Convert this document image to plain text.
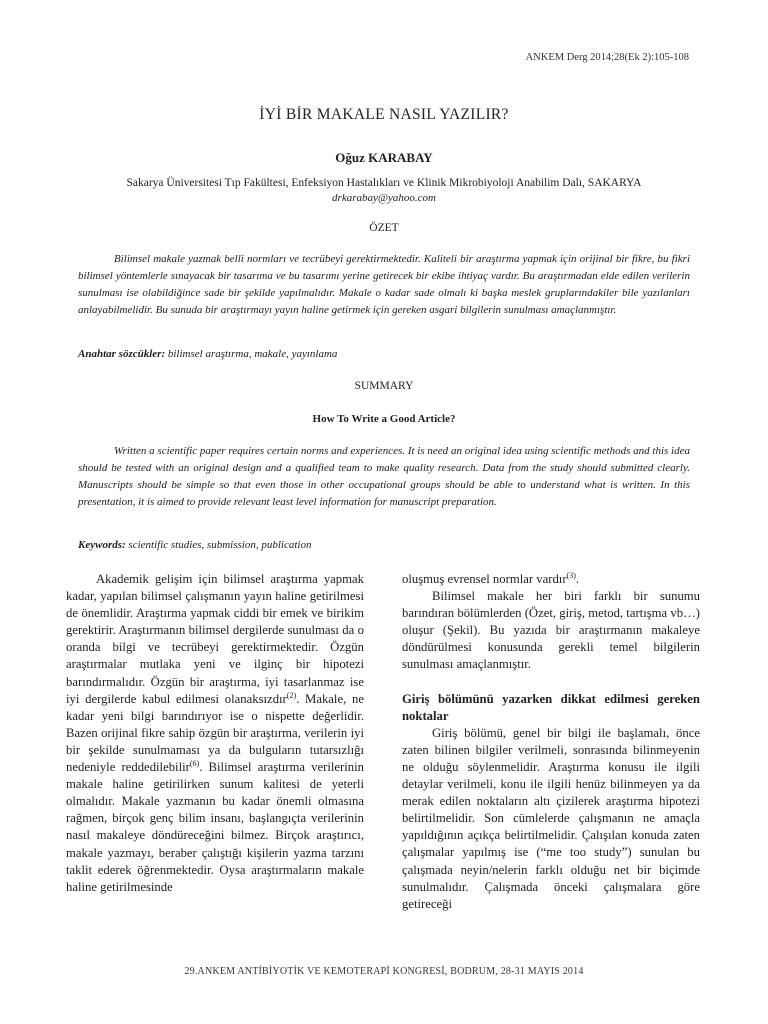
ANKEM Derg 2014;28(Ek 2):105-108
İYİ BİR MAKALE NASIL YAZILIR?
Oğuz KARABAY
Sakarya Üniversitesi Tıp Fakültesi, Enfeksiyon Hastalıkları ve Klinik Mikrobiyoloji Anabilim Dalı, SAKARYA
drkarabay@yahoo.com
ÖZET

Bilimsel makale yazmak belli normları ve tecrübeyi gerektirmektedir. Kaliteli bir araştırma yapmak için orijinal bir fikre, bu fikri bilimsel yöntemlerle sınayacak bir tasarıma ve bu tasarımı yerine getirecek bir ekibe ihtiyaç vardır. Bu araştırmadan elde edilen verilerin sunulması ise olabildiğince sade bir şekilde yapılmalıdır. Makale o kadar sade olmalı ki başka meslek gruplarındakiler bile yazılanları anlayabilmelidir. Bu sunuda bir araştırmayı yayın haline getirmek için gereken asgari bilgilerin sunulması amaçlanmıştır.

Anahtar sözcükler: bilimsel araştırma, makale, yayınlama
SUMMARY
How To Write a Good Article?

Written a scientific paper requires certain norms and experiences. It is need an original idea using scientific methods and this idea should be tested with an original design and a qualified team to make quality research. Data from the study should submitted clearly. Manuscripts should be simple so that even those in other occupational groups should be able to understand what is written. In this presentation, it is aimed to provide relevant least level information for manuscript preparation.

Keywords: scientific studies, submission, publication

Akademik gelişim için bilimsel araştırma yapmak kadar, yapılan bilimsel çalışmanın yayın haline getirilmesi de önemlidir. Araştırma yapmak ciddi bir emek ve birikim gerektirir. Araştırmanın bilimsel dergilerde sunulması da o oranda bilgi ve tecrübeyi gerektirmektedir. Özgün araştırmalar mutlaka yeni ve ilginç bir hipotezi barındırmalıdır. Özgün bir araştırma, iyi tasarlanmaz ise iyi dergilerde kabul edilmesi olanaksızdır$^{(2)}$. Makale, ne kadar yeni bilgi barındırıyor ise o nispette değerlidir. Bazen orijinal fikre sahip özgün bir araştırma, verilerin iyi bir şekilde sunulmaması ya da bulguların tutarsızlığı nedeniyle reddedilebilir$^{(6)}$. Bilimsel araştırma verilerinin makale haline getirilirken sunum kalitesi de yeterli olmalıdır. Makale yazmanın bu kadar önemli olmasına rağmen, birçok genç bilim insanı, başlangıçta verilerinin nasıl makaleye döndüreceğini bilmez. Birçok araştırıcı, makale yazmayı, beraber çalıştığı kişilerin yazma tarzını taklit ederek öğrenmektedir. Oysa araştırmaların makale haline getirilmesinde

oluşmuş evrensel normlar vardır$^{(3)}$.

Bilimsel makale her biri farklı bir sunumu barındıran bölümlerden (Özet, giriş, metod, tartışma vb…) oluşur (Şekil). Bu yazıda bir araştırmanın makaleye döndürülmesi konusunda gerekli temel bilgilerin sunulması amaçlanmıştır.

Giriş bölümünü yazarken dikkat edilmesi gereken noktalar

Giriş bölümü, genel bir bilgi ile başlamalı, önce zaten bilinen bilgiler verilmeli, sonrasında bilinmeyenin ne olduğu söylenmelidir. Araştırma konusu ile ilgili detaylar verilmeli, konu ile ilgili henüz bilinmeyen ya da merak edilen noktaların altı çizilerek araştırma hipotezi belirtilmelidir. Son cümlelerde çalışmanın ne amaçla yapıldığının açıkça belirtilmelidir. Çalışılan konuda zaten çalışmalar yapılmış ise (“me too study”) sunulan bu çalışmada neyin/nelerin farklı olduğu net bir biçimde sunulmalıdır. Çalışmada önceki çalışmalara göre getireceği

29.ANKEM ANTİBİYOTİK VE KEMOTERAPİ KONGRESİ, BODRUM, 28-31 MAYIS 2014
